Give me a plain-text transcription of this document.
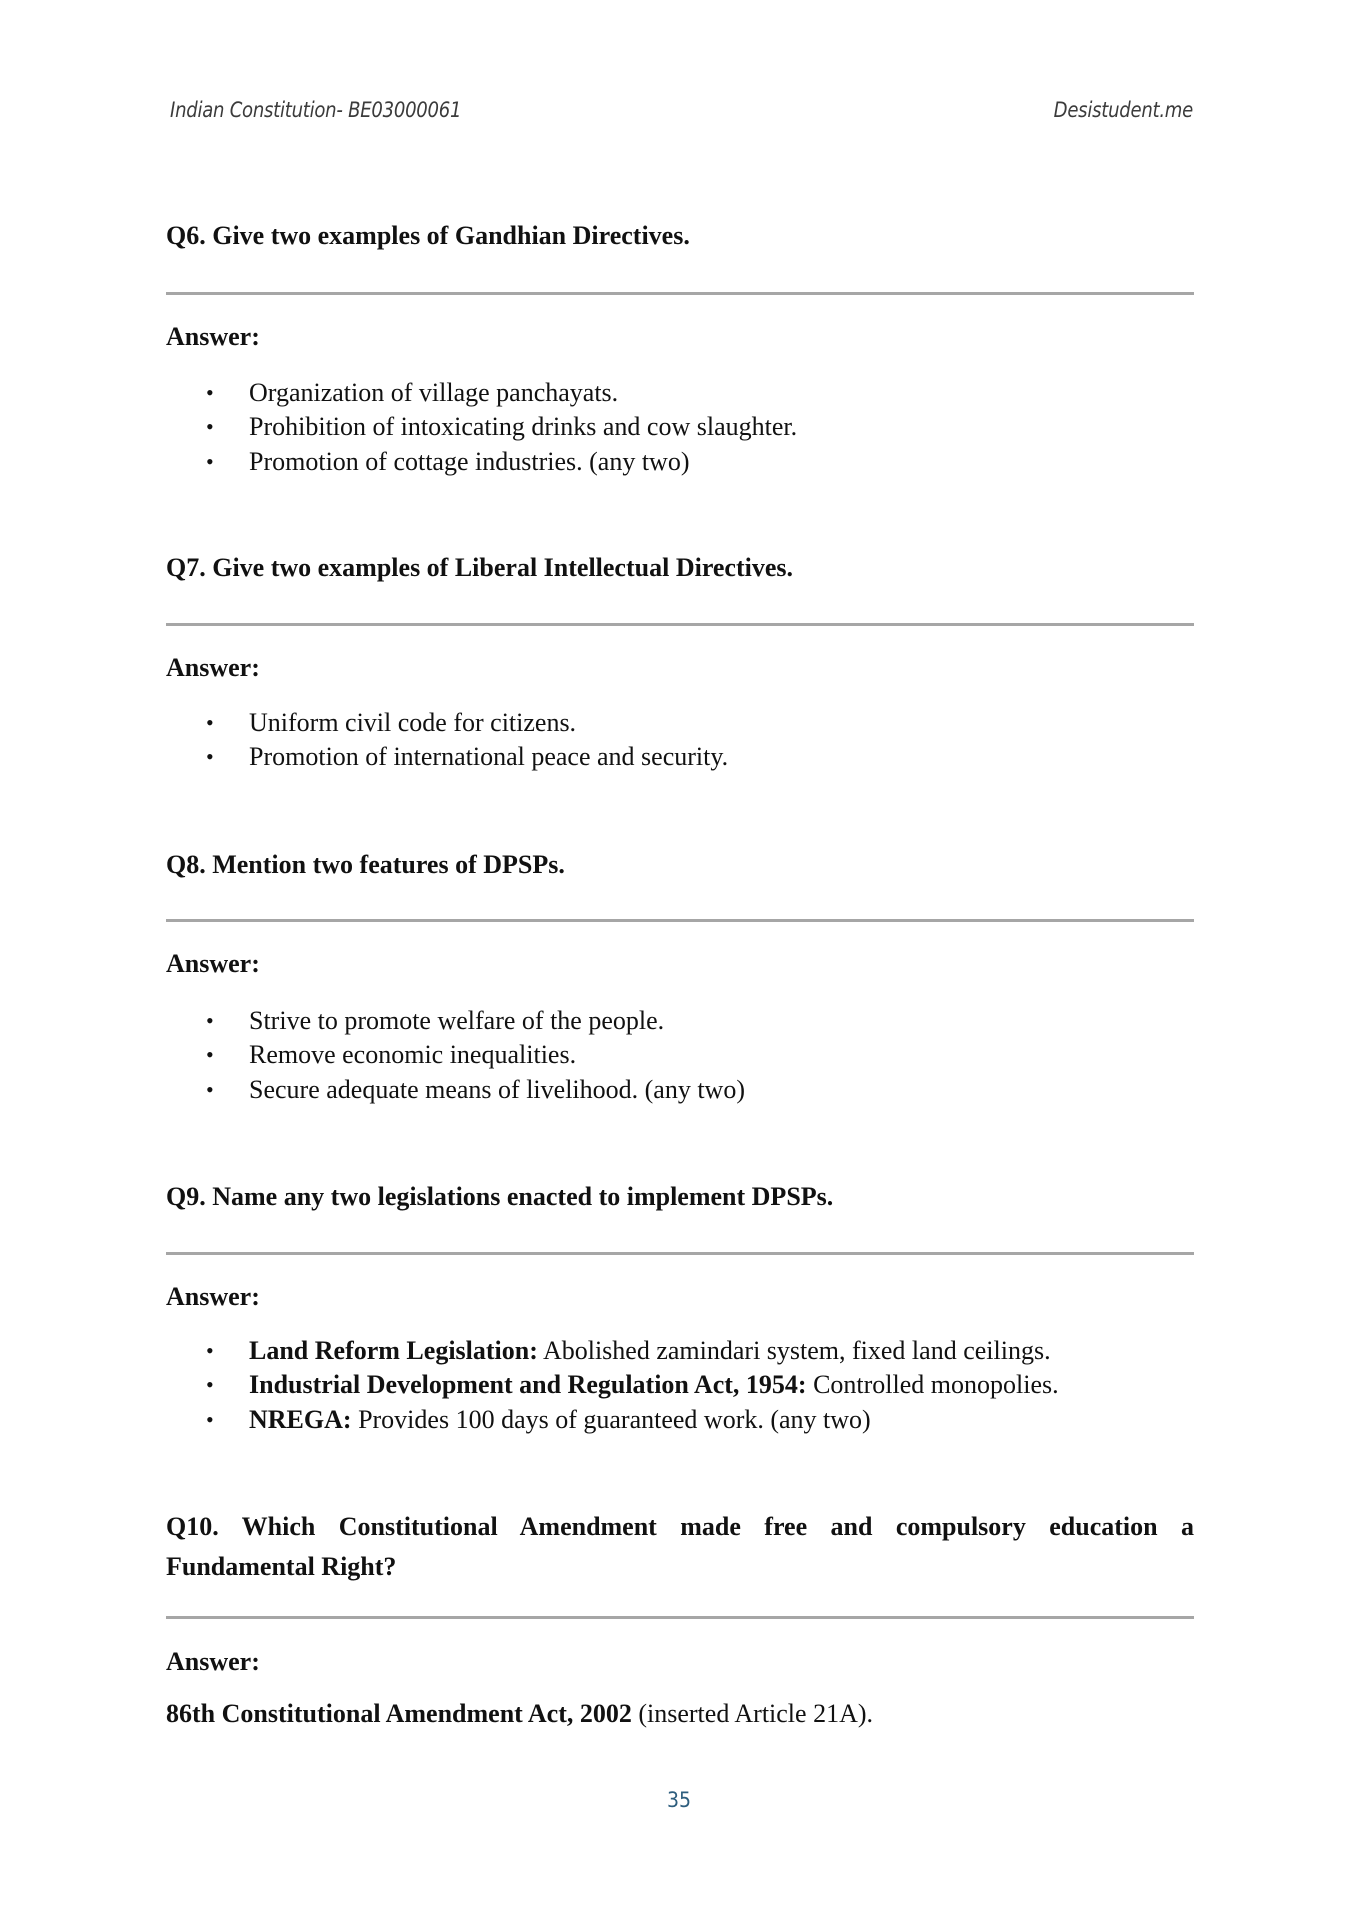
Indian Constitution- BE03000061	Desistudent.me
Q6. Give two examples of Gandhian Directives.
Answer:
• Organization of village panchayats.
• Prohibition of intoxicating drinks and cow slaughter.
• Promotion of cottage industries. (any two)
Q7. Give two examples of Liberal Intellectual Directives.
Answer:
• Uniform civil code for citizens.
• Promotion of international peace and security.
Q8. Mention two features of DPSPs.
Answer:
• Strive to promote welfare of the people.
• Remove economic inequalities.
• Secure adequate means of livelihood. (any two)
Q9. Name any two legislations enacted to implement DPSPs.
Answer:
• Land Reform Legislation: Abolished zamindari system, fixed land ceilings.
• Industrial Development and Regulation Act, 1954: Controlled monopolies.
• NREGA: Provides 100 days of guaranteed work. (any two)
Q10. Which Constitutional Amendment made free and compulsory education a
Fundamental Right?
Answer:
86th Constitutional Amendment Act, 2002 (inserted Article 21A).
35
